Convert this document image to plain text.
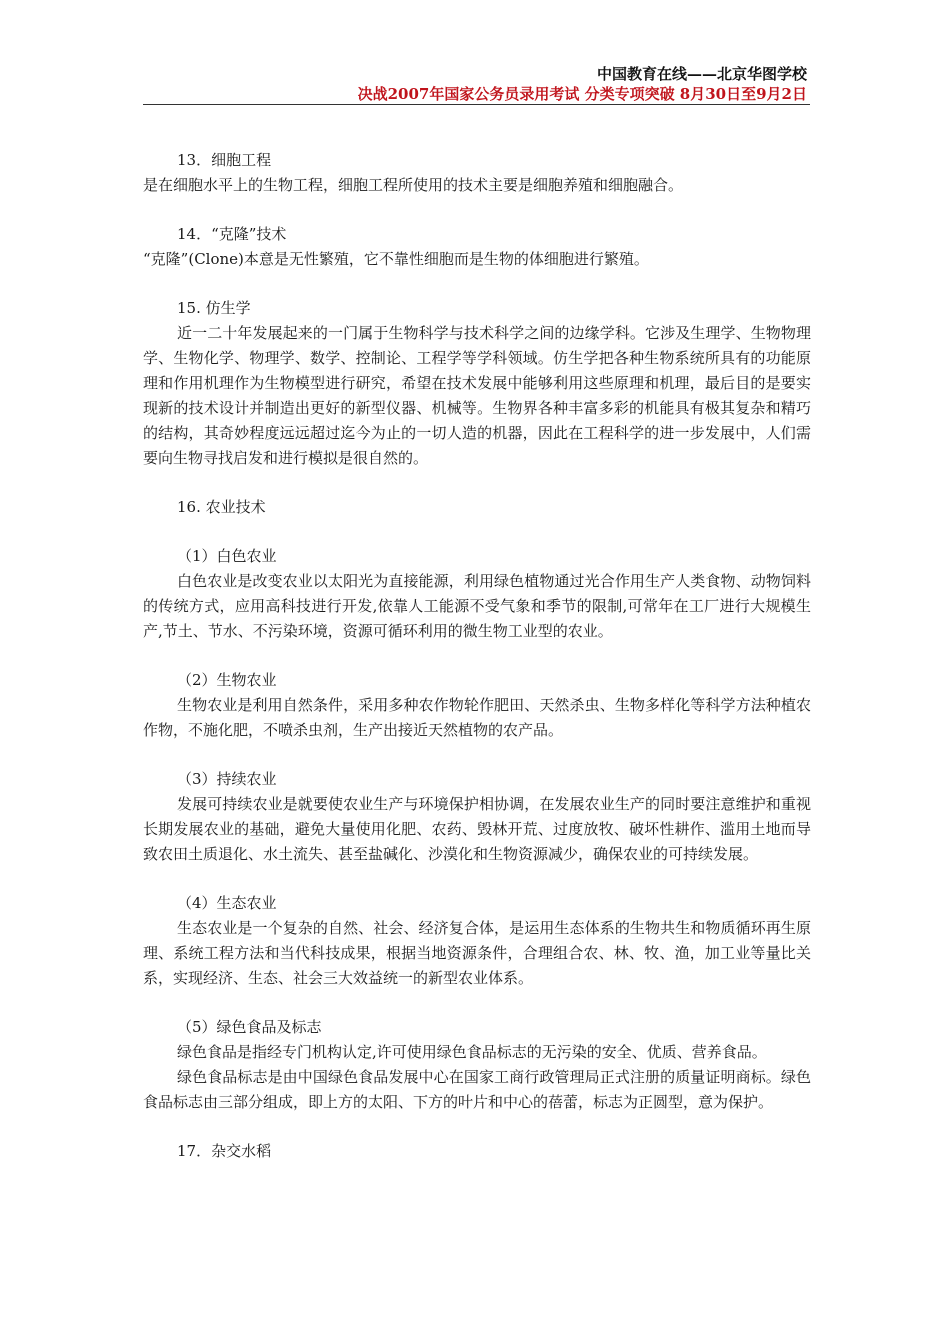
中国教育在线——北京华图学校
决战2007年国家公务员录用考试 分类专项突破 8月30日至9月2日

13．细胞工程

是在细胞水平上的生物工程，细胞工程所使用的技术主要是细胞养殖和细胞融合。

14．“克隆”技术

“克隆”(Clone)本意是无性繁殖，它不靠性细胞而是生物的体细胞进行繁殖。

15. 仿生学

近一二十年发展起来的一门属于生物科学与技术科学之间的边缘学科。它涉及生理学、生物物理学、生物化学、物理学、数学、控制论、工程学等学科领域。仿生学把各种生物系统所具有的功能原理和作用机理作为生物模型进行研究，希望在技术发展中能够利用这些原理和机理，最后目的是要实现新的技术设计并制造出更好的新型仪器、机械等。生物界各种丰富多彩的机能具有极其复杂和精巧的结构，其奇妙程度远远超过迄今为止的一切人造的机器，因此在工程科学的进一步发展中，人们需要向生物寻找启发和进行模拟是很自然的。

16. 农业技术

（1）白色农业

白色农业是改变农业以太阳光为直接能源，利用绿色植物通过光合作用生产人类食物、动物饲料的传统方式，应用高科技进行开发,依靠人工能源不受气象和季节的限制,可常年在工厂进行大规模生产,节土、节水、不污染环境，资源可循环利用的微生物工业型的农业。

（2）生物农业

生物农业是利用自然条件，采用多种农作物轮作肥田、天然杀虫、生物多样化等科学方法种植农作物，不施化肥，不喷杀虫剂，生产出接近天然植物的农产品。

（3）持续农业

发展可持续农业是就要使农业生产与环境保护相协调，在发展农业生产的同时要注意维护和重视长期发展农业的基础，避免大量使用化肥、农药、毁林开荒、过度放牧、破坏性耕作、滥用土地而导致农田土质退化、水土流失、甚至盐碱化、沙漠化和生物资源减少，确保农业的可持续发展。

（4）生态农业

生态农业是一个复杂的自然、社会、经济复合体，是运用生态体系的生物共生和物质循环再生原理、系统工程方法和当代科技成果，根据当地资源条件，合理组合农、林、牧、渔，加工业等量比关系，实现经济、生态、社会三大效益统一的新型农业体系。

（5）绿色食品及标志

绿色食品是指经专门机构认定,许可使用绿色食品标志的无污染的安全、优质、营养食品。

绿色食品标志是由中国绿色食品发展中心在国家工商行政管理局正式注册的质量证明商标。绿色食品标志由三部分组成，即上方的太阳、下方的叶片和中心的蓓蕾，标志为正圆型，意为保护。

17．杂交水稻
